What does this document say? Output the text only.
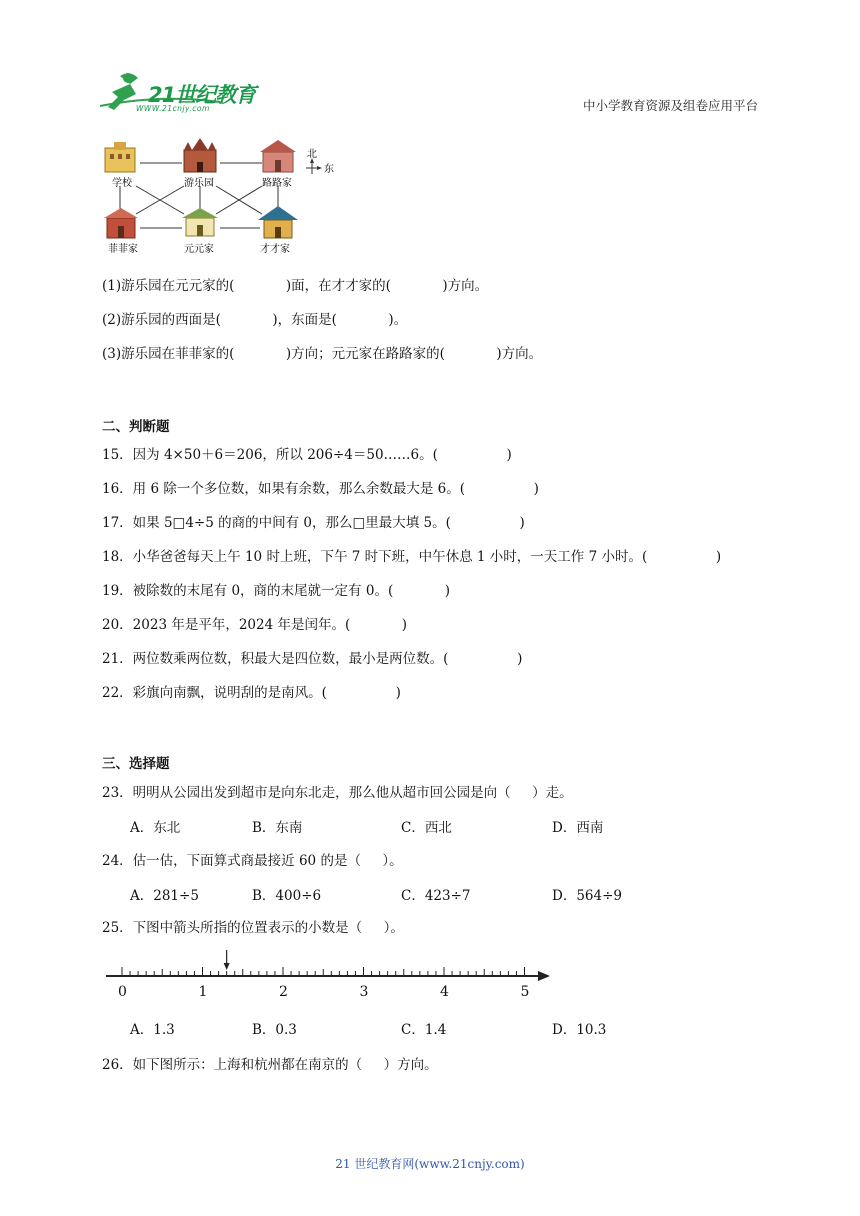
21世纪教育
WWW.21cnjy.com	中小学教育资源及组卷应用平台
北
东
学校	游乐园	路路家
菲菲家	元元家	才才家
(1)游乐园在元元家的(            )面，在才才家的(            )方向。
(2)游乐园的西面是(            )，东面是(            )。
(3)游乐园在菲菲家的(            )方向；元元家在路路家的(            )方向。
二、判断题
15．因为 4×50＋6＝206，所以 206÷4＝50……6。(                )
16．用 6 除一个多位数，如果有余数，那么余数最大是 6。(                )
17．如果 5□4÷5 的商的中间有 0，那么□里最大填 5。(                )
18．小华爸爸每天上午 10 时上班，下午 7 时下班，中午休息 1 小时，一天工作 7 小时。(                )
19．被除数的末尾有 0，商的末尾就一定有 0。(            )
20．2023 年是平年，2024 年是闰年。(            )
21．两位数乘两位数，积最大是四位数，最小是两位数。(                )
22．彩旗向南飘，说明刮的是南风。(                )
三、选择题
23．明明从公园出发到超市是向东北走，那么他从超市回公园是向（     ）走。
A．东北	B．东南	C．西北	D．西南
24．估一估，下面算式商最接近 60 的是（     ）。
A．281÷5	B．400÷6	C．423÷7	D．564÷9
25．下图中箭头所指的位置表示的小数是（     ）。
0	1	2	3	4	5
A．1.3	B．0.3	C．1.4	D．10.3
26．如下图所示：上海和杭州都在南京的（     ）方向。
21 世纪教育网(www.21cnjy.com)
